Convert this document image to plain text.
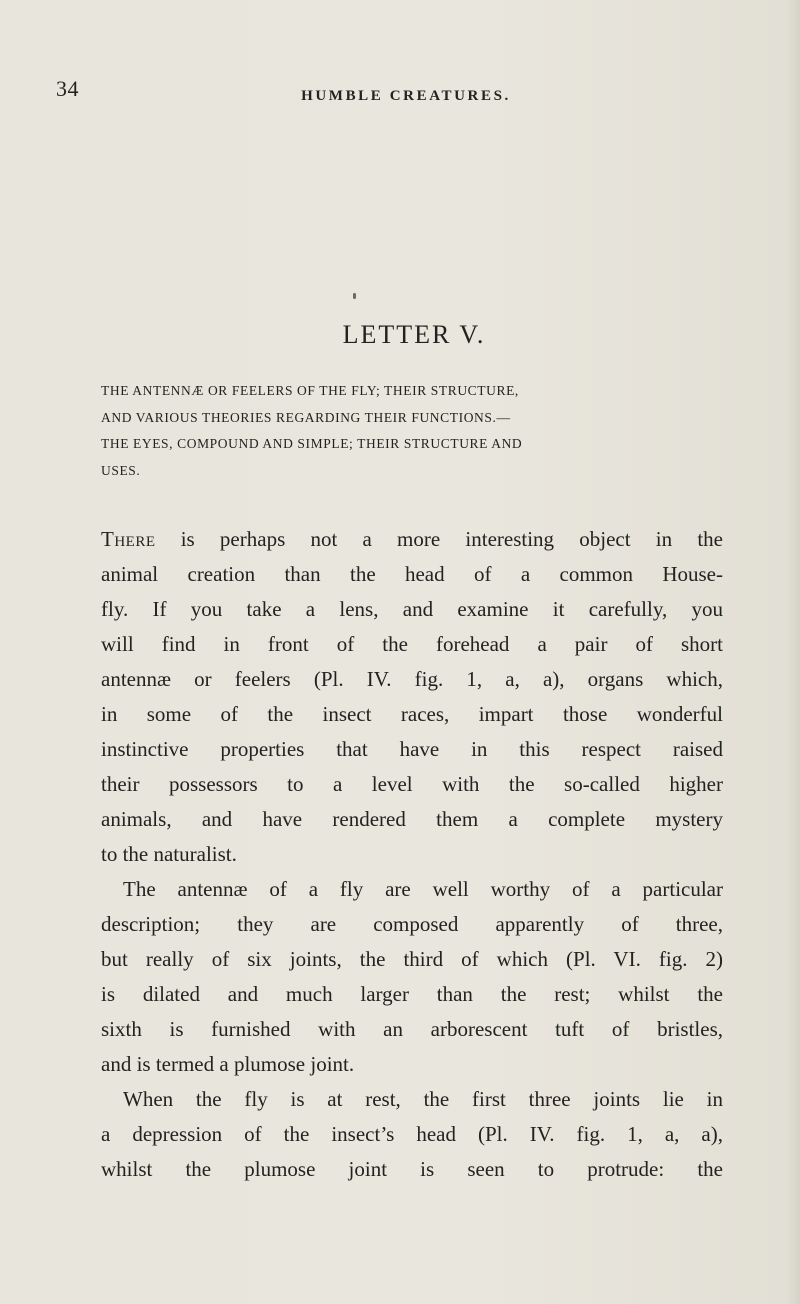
34	HUMBLE CREATURES.
LETTER V.
THE ANTENNÆ OR FEELERS OF THE FLY; THEIR STRUCTURE,
AND VARIOUS THEORIES REGARDING THEIR FUNCTIONS.—
THE EYES, COMPOUND AND SIMPLE; THEIR STRUCTURE AND
USES.
There is perhaps not a more interesting object in the
animal creation than the head of a common House-
fly. If you take a lens, and examine it carefully, you
will find in front of the forehead a pair of short
antennæ or feelers (Pl. IV. fig. 1, a, a), organs which,
in some of the insect races, impart those wonderful
instinctive properties that have in this respect raised
their possessors to a level with the so-called higher
animals, and have rendered them a complete mystery
to the naturalist.
The antennæ of a fly are well worthy of a particular
description; they are composed apparently of three,
but really of six joints, the third of which (Pl. VI. fig. 2)
is dilated and much larger than the rest; whilst the
sixth is furnished with an arborescent tuft of bristles,
and is termed a plumose joint.
When the fly is at rest, the first three joints lie in
a depression of the insect’s head (Pl. IV. fig. 1, a, a),
whilst the plumose joint is seen to protrude: the
